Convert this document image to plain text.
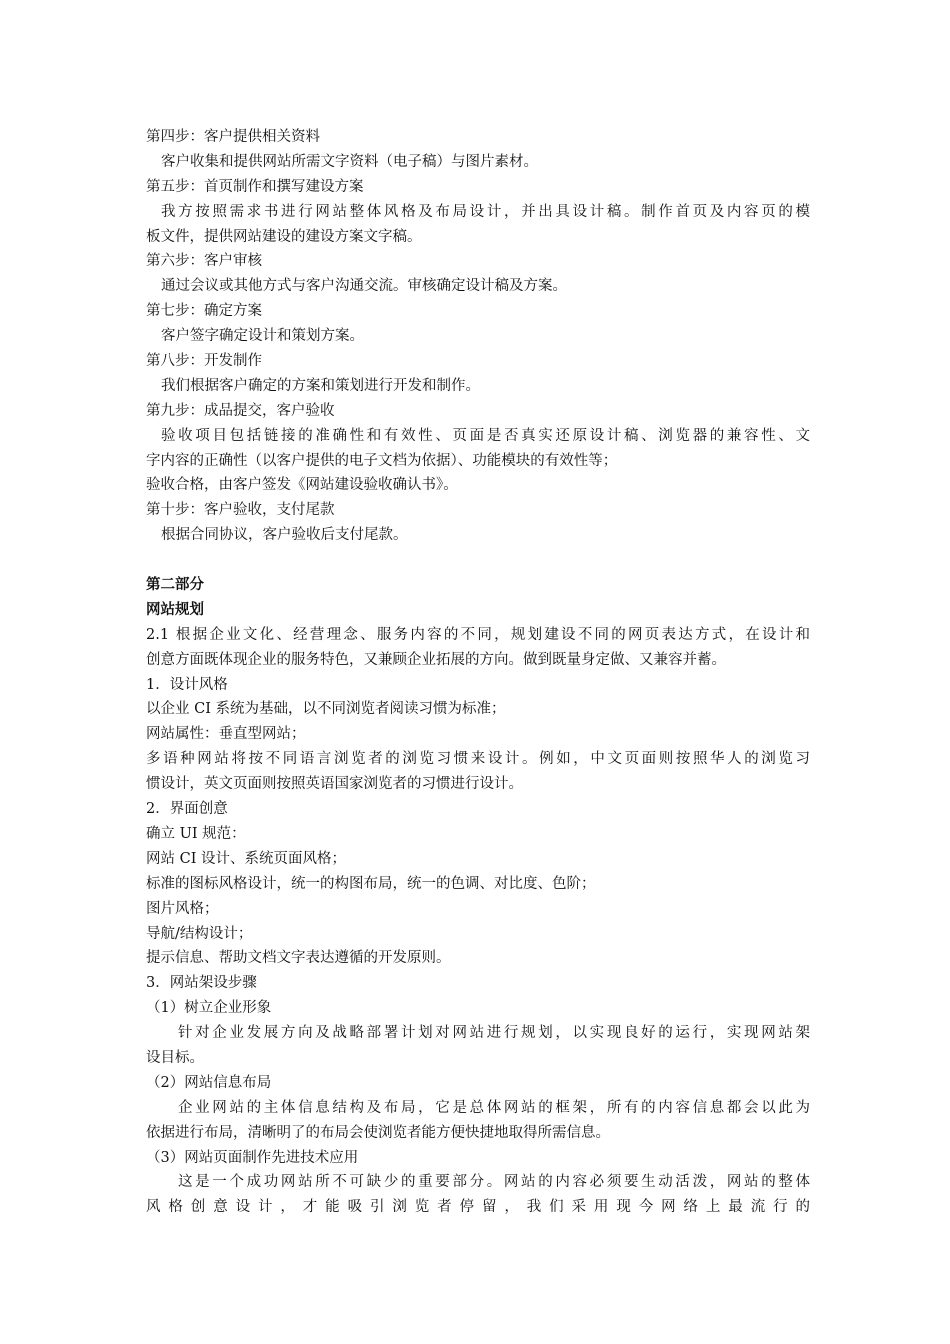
第四步：客户提供相关资料
客户收集和提供网站所需文字资料（电子稿）与图片素材。
第五步：首页制作和撰写建设方案
我方按照需求书进行网站整体风格及布局设计，并出具设计稿。制作首页及内容页的模
板文件，提供网站建设的建设方案文字稿。
第六步：客户审核
通过会议或其他方式与客户沟通交流。审核确定设计稿及方案。
第七步：确定方案
客户签字确定设计和策划方案。
第八步：开发制作
我们根据客户确定的方案和策划进行开发和制作。
第九步：成品提交，客户验收
验收项目包括链接的准确性和有效性、页面是否真实还原设计稿、浏览器的兼容性、文
字内容的正确性（以客户提供的电子文档为依据）、功能模块的有效性等；
验收合格，由客户签发《网站建设验收确认书》。
第十步：客户验收，支付尾款
根据合同协议，客户验收后支付尾款。
第二部分
网站规划
2.1 根据企业文化、经营理念、服务内容的不同，规划建设不同的网页表达方式，在设计和
创意方面既体现企业的服务特色，又兼顾企业拓展的方向。做到既量身定做、又兼容并蓄。
1．设计风格
以企业 CI 系统为基础，以不同浏览者阅读习惯为标准；
网站属性：垂直型网站；
多语种网站将按不同语言浏览者的浏览习惯来设计。例如，中文页面则按照华人的浏览习
惯设计，英文页面则按照英语国家浏览者的习惯进行设计。
2．界面创意
确立 UI 规范：
网站 CI 设计、系统页面风格；
标准的图标风格设计，统一的构图布局，统一的色调、对比度、色阶；
图片风格；
导航/结构设计；
提示信息、帮助文档文字表达遵循的开发原则。
3．网站架设步骤
（1）树立企业形象
针对企业发展方向及战略部署计划对网站进行规划，以实现良好的运行，实现网站架
设目标。
（2）网站信息布局
企业网站的主体信息结构及布局，它是总体网站的框架，所有的内容信息都会以此为
依据进行布局，清晰明了的布局会使浏览者能方便快捷地取得所需信息。
（3）网站页面制作先进技术应用
这是一个成功网站所不可缺少的重要部分。网站的内容必须要生动活泼，网站的整体
风格创意设计，才能吸引浏览者停留，我们采用现今网络上最流行的
